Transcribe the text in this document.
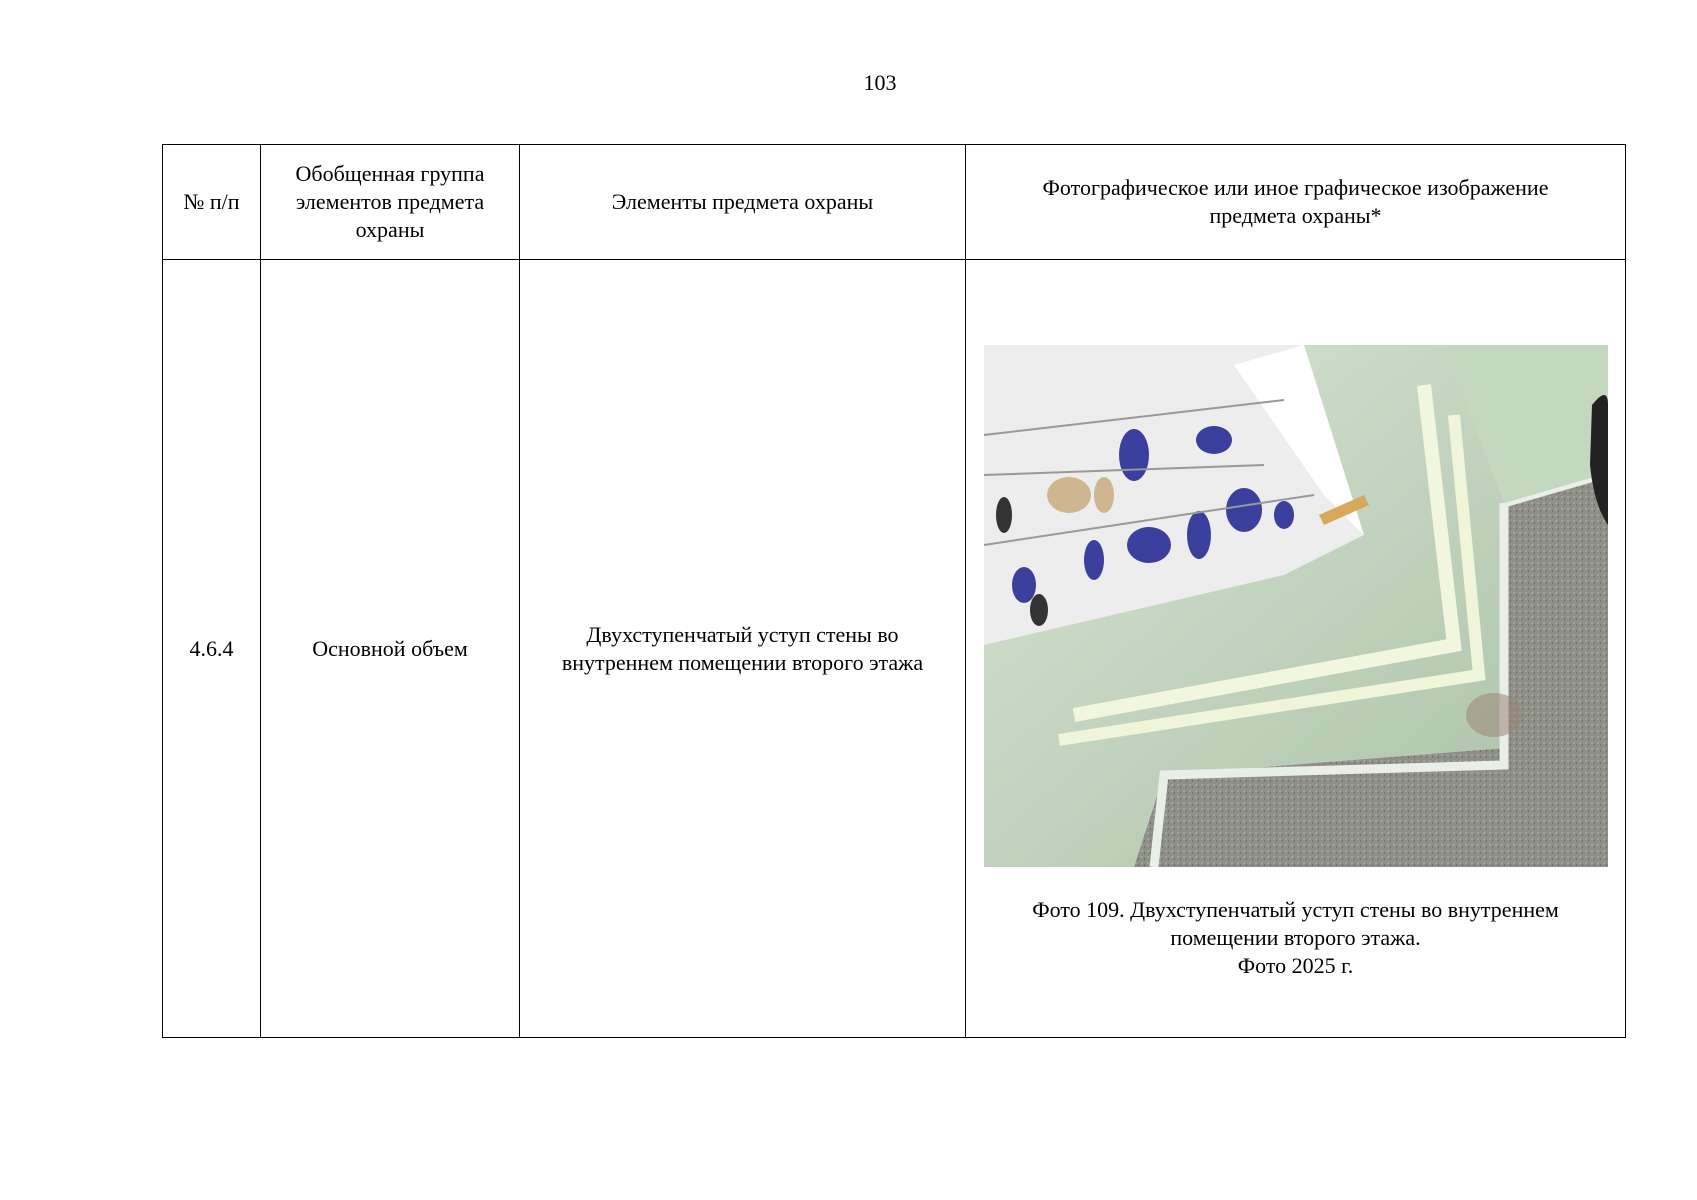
103
№ п/п	Обобщенная группа элементов предмета охраны	Элементы предмета охраны	Фотографическое или иное графическое изображение предмета охраны*
4.6.4	Основной объем	Двухступенчатый уступ стены во внутреннем помещении второго этажа	Фото 109. Двухступенчатый уступ стены во внутреннем
помещении второго этажа.
Фото 2025 г.
